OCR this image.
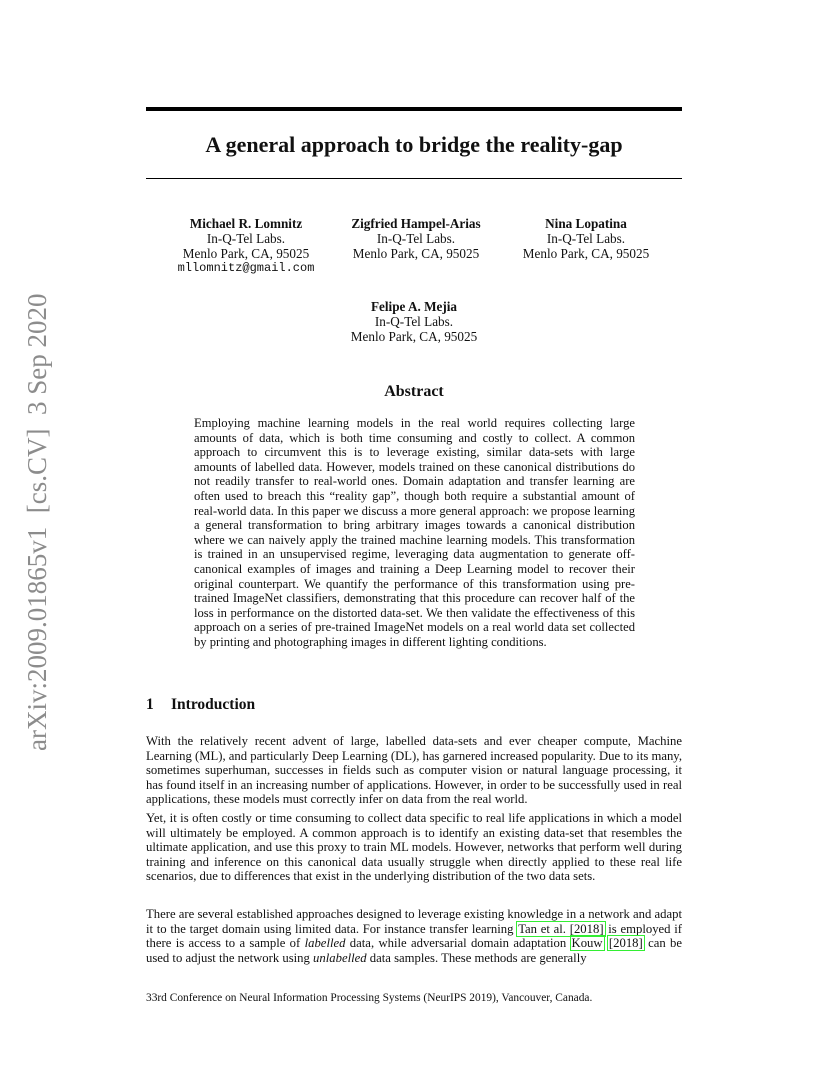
arXiv:2009.01865v1  [cs.CV]  3 Sep 2020
A general approach to bridge the reality-gap
Michael R. Lomnitz
In-Q-Tel Labs.
Menlo Park, CA, 95025
mllomnitz@gmail.com
Zigfried Hampel-Arias
In-Q-Tel Labs.
Menlo Park, CA, 95025
Nina Lopatina
In-Q-Tel Labs.
Menlo Park, CA, 95025
Felipe A. Mejia
In-Q-Tel Labs.
Menlo Park, CA, 95025
Abstract

Employing machine learning models in the real world requires collecting large amounts of data, which is both time consuming and costly to collect. A common approach to circumvent this is to leverage existing, similar data-sets with large amounts of labelled data. However, models trained on these canonical distributions do not readily transfer to real-world ones. Domain adaptation and transfer learning are often used to breach this “reality gap”, though both require a substantial amount of real-world data. In this paper we discuss a more general approach: we propose learning a general transformation to bring arbitrary images towards a canonical distribution where we can naively apply the trained machine learning models. This transformation is trained in an unsupervised regime, leveraging data augmentation to generate off-canonical examples of images and training a Deep Learning model to recover their original counterpart. We quantify the performance of this transformation using pre-trained ImageNet classifiers, demonstrating that this procedure can recover half of the loss in performance on the distorted data-set. We then validate the effectiveness of this approach on a series of pre-trained ImageNet models on a real world data set collected by printing and photographing images in different lighting conditions.

1 Introduction

With the relatively recent advent of large, labelled data-sets and ever cheaper compute, Machine Learning (ML), and particularly Deep Learning (DL), has garnered increased popularity. Due to its many, sometimes superhuman, successes in fields such as computer vision or natural language processing, it has found itself in an increasing number of applications. However, in order to be successfully used in real applications, these models must correctly infer on data from the real world.

Yet, it is often costly or time consuming to collect data specific to real life applications in which a model will ultimately be employed. A common approach is to identify an existing data-set that resembles the ultimate application, and use this proxy to train ML models. However, networks that perform well during training and inference on this canonical data usually struggle when directly applied to these real life scenarios, due to differences that exist in the underlying distribution of the two data sets.

There are several established approaches designed to leverage existing knowledge in a network and adapt it to the target domain using limited data. For instance transfer learning Tan et al. [2018] is employed if there is access to a sample of labelled data, while adversarial domain adaptation Kouw [2018] can be used to adjust the network using unlabelled data samples. These methods are generally

33rd Conference on Neural Information Processing Systems (NeurIPS 2019), Vancouver, Canada.
